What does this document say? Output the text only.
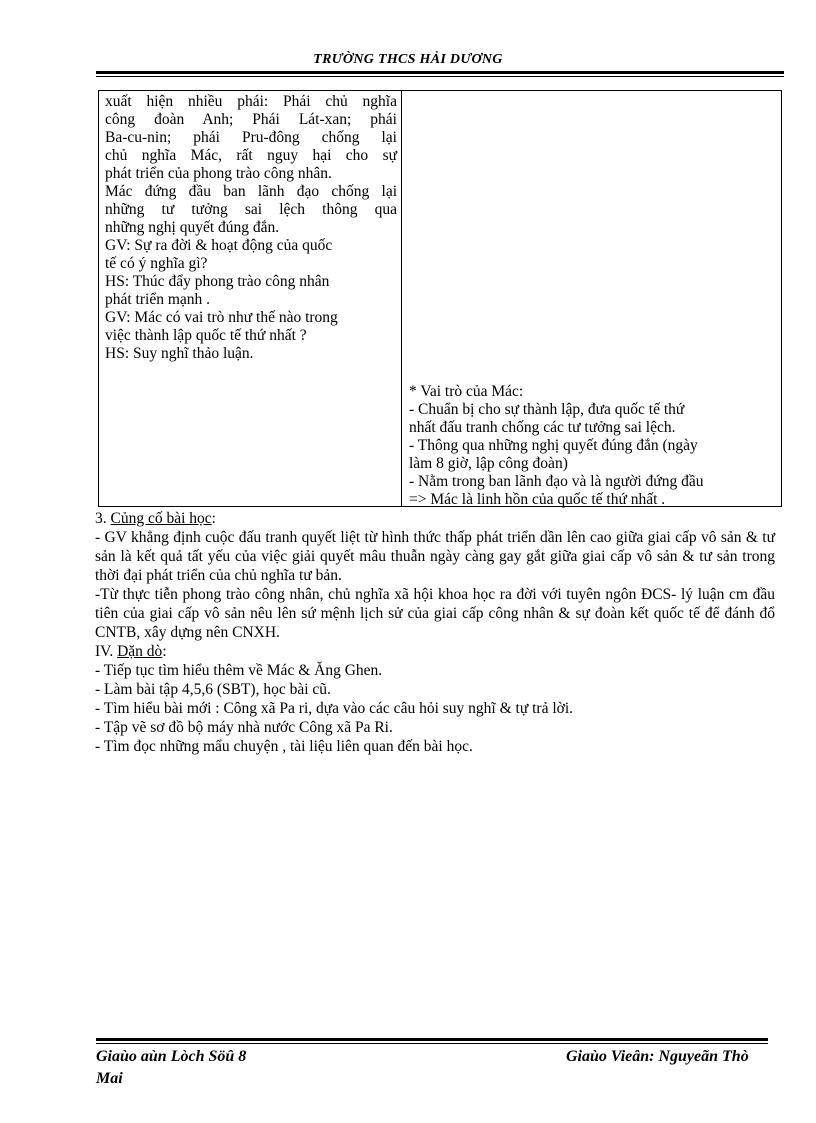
TRƯỜNG THCS HẢI DƯƠNG
xuất hiện nhiều phái: Phái chủ nghĩa
công đoàn Anh; Phái Lát-xan; phái
Ba-cu-nin; phái Pru-đông chống lại
chủ nghĩa Mác, rất nguy hại cho sự
phát triển của phong trào công nhân.
Mác đứng đầu ban lãnh đạo chống lại
những tư tưởng sai lệch thông qua
những nghị quyết đúng đắn.
GV: Sự ra đời & hoạt động của quốc
tế có ý nghĩa gì?
HS: Thúc đẩy phong trào công nhân
phát triển mạnh .
GV: Mác có vai trò như thế nào trong
việc thành lập quốc tế thứ nhất ?
HS: Suy nghĩ thảo luận.
* Vai trò của Mác:
- Chuẩn bị cho sự thành lập, đưa quốc tế thứ
nhất đấu tranh chống các tư tưởng sai lệch.
- Thông qua những nghị quyết đúng đắn (ngày
làm 8 giờ, lập công đoàn)
- Nằm trong ban lãnh đạo và là người đứng đầu
=> Mác là linh hồn của quốc tế thứ nhất .

3. Củng cố bài học:

- GV khẳng định cuộc đấu tranh quyết liệt từ hình thức thấp phát triển dần lên cao giữa giai cấp vô sản & tư sản là kết quả tất yếu của việc giải quyết mâu thuẫn ngày càng gay gắt giữa giai cấp vô sản & tư sản trong thời đại phát triển của chủ nghĩa tư bản.

-Từ thực tiễn phong trào công nhân, chủ nghĩa xã hội khoa học ra đời với tuyên ngôn ĐCS- lý luận cm đầu tiên của giai cấp vô sản nêu lên sứ mệnh lịch sử của giai cấp công nhân & sự đoàn kết quốc tế để đánh đổ CNTB, xây dựng nên CNXH.

IV. Dặn dò:

- Tiếp tục tìm hiểu thêm về Mác & Ăng Ghen.

- Làm bài tập 4,5,6 (SBT), học bài cũ.

- Tìm hiểu bài mới : Công xã Pa ri, dựa vào các câu hỏi suy nghĩ & tự trả lời.

- Tập vẽ sơ đồ bộ máy nhà nước Công xã Pa Ri.

- Tìm đọc những mẩu chuyện , tài liệu liên quan đến bài học.

Giaùo aùn Lòch Söû 8
Mai
Giaùo Vieân: Nguyeãn Thò
